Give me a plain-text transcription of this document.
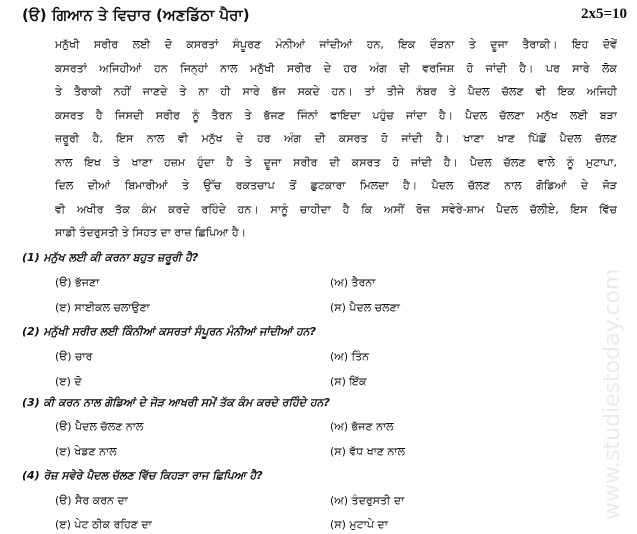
www.studiestoday.com
(ੳ) ਗਿਆਨ ਤੇ ਵਿਚਾਰ (ਅਣਡਿੱਠਾ ਪੈਰਾ)	2x5=10
ਮਨੁੱਖੀ ਸਰੀਰ ਲਈ ਦੋ ਕਸਰਤਾਂ ਸੰਪੂਰਣ ਮੰਨੀਆਂ ਜਾਂਦੀਆਂ ਹਨ, ਇਕ ਦੌੜਨਾ ਤੇ ਦੂਜਾ ਤੈਰਾਕੀ। ਇਹ ਦੋਵੇਂ
ਕਸਰਤਾਂ ਅਜਿਹੀਆਂ ਹਨ ਜਿਨ੍ਹਾਂ ਨਾਲ ਮਨੁੱਖੀ ਸਰੀਰ ਦੇ ਹਰ ਅੰਗ ਦੀ ਵਰਜਿਸ਼ ਹੋ ਜਾਂਦੀ ਹੈ। ਪਰ ਸਾਰੇ ਲੋਕ
ਤੇ ਤੈਰਾਕੀ ਨਹੀਂ ਜਾਣਦੇ ਤੇ ਨਾ ਹੀ ਸਾਰੇ ਭੱਜ ਸਕਦੇ ਹਨ। ਤਾਂ ਤੀਜੇ ਨੰਬਰ ਤੇ ਪੈਦਲ ਚੱਲਣ ਵੀ ਇਕ ਅਜਿਹੀ
ਕਸਰਤ ਹੈ ਜਿਸਦੀ ਸਰੀਰ ਨੂੰ ਤੈਰਨ ਤੇ ਭੱਜਣ ਜਿੰਨਾਂ ਫਾਇਦਾ ਪਹੁੰਚ ਜਾਂਦਾ ਹੈ। ਪੈਦਲ ਚੱਲਣਾ ਮਨੁੱਖ ਲਈ ਬੜਾ
ਜ਼ਰੂਰੀ ਹੈ, ਇਸ ਨਾਲ ਵੀ ਮਨੁੱਖ ਦੇ ਹਰ ਅੰਗ ਦੀ ਕਸਰਤ ਹੋ ਜਾਂਦੀ ਹੈ। ਖਾਣਾ ਖਾਣ ਪਿੱਛੋਂ ਪੈਦਲ ਚੱਲਣ
ਨਾਲ ਇਖ ਤੇ ਖਾਣਾ ਹਜ਼ਮ ਹੁੰਦਾ ਹੈ ਤੇ ਦੂਜਾ ਸਰੀਰ ਦੀ ਕਸਰਤ ਹੋ ਜਾਂਦੀ ਹੈ। ਪੈਦਲ ਚੱਲਣ ਵਾਲੇ ਨੂੰ ਮੁਟਾਪਾ,
ਦਿਲ ਦੀਆਂ ਬਿਮਾਰੀਆਂ ਤੇ ਉੱਚ ਰਕਤਚਾਪ ਤੋਂ ਛੁਟਕਾਰਾ ਮਿਲਦਾ ਹੈ। ਪੈਦਲ ਚੱਲਣ ਨਾਲ ਗੋਡਿਆਂ ਦੇ ਜੋੜ
ਵੀ ਅਖੀਰ ਤੱਕ ਕੰਮ ਕਰਦੇ ਰਹਿੰਦੇ ਹਨ। ਸਾਨੂੰ ਚਾਹੀਦਾ ਹੈ ਕਿ ਅਸੀਂ ਰੋਜ਼ ਸਵੇਰੇ-ਸ਼ਾਮ ਪੈਦਲ ਚੱਲੀਏ, ਇਸ ਵਿੱਚ
ਸਾਡੀ ਤੰਦਰੁਸਤੀ ਤੇ ਸਿਹਤ ਦਾ ਰਾਜ਼ ਛਿਪਿਆ ਹੈ।
(1) ਮਨੁੱਖ ਲਈ ਕੀ ਕਰਨਾ ਬਹੁਤ ਜ਼ਰੂਰੀ ਹੈ?
(ੳ) ਭੱਜਣਾ	(ਅ) ਤੈਰਨਾ
(ੲ) ਸਾਈਕਲ ਚਲਾਉਣਾ	(ਸ) ਪੈਦਲ ਚਲਣਾ
(2) ਮਨੁੱਖੀ ਸਰੀਰ ਲਈ ਕਿੰਨੀਆਂ ਕਸਰਤਾਂ ਸੰਪੂਰਨ ਮੰਨੀਆਂ ਜਾਂਦੀਆਂ ਹਨ?
(ੳ) ਚਾਰ	(ਅ) ਤਿੰਨ
(ੲ) ਦੋ	(ਸ) ਇੱਕ
(3) ਕੀ ਕਰਨ ਨਾਲ ਗੋਡਿਆਂ ਦੇ ਜੋੜ ਆਖਰੀ ਸਮੇਂ ਤੱਕ ਕੰਮ ਕਰਦੇ ਰਹਿੰਦੇ ਹਨ?
(ੳ) ਪੈਦਲ ਚੱਲਣ ਨਾਲ	(ਅ) ਭੱਜਣ ਨਾਲ
(ੲ) ਖੇਡਣ ਨਾਲ	(ਸ) ਵੱਧ ਖਾਣ ਨਾਲ
(4) ਰੋਜ਼ ਸਵੇਰੇ ਪੈਦਲ ਚੱਲਣ ਵਿੱਚ ਕਿਹੜਾ ਰਾਜ ਛਿਪਿਆ ਹੈ?
(ੳ) ਸੈਰ ਕਰਨ ਦਾ	(ਅ) ਤੰਦਰੁਸਤੀ ਦਾ
(ੲ) ਪੇਟ ਠੀਕ ਰਹਿਣ ਦਾ	(ਸ) ਮੁਟਾਪੇ ਦਾ
